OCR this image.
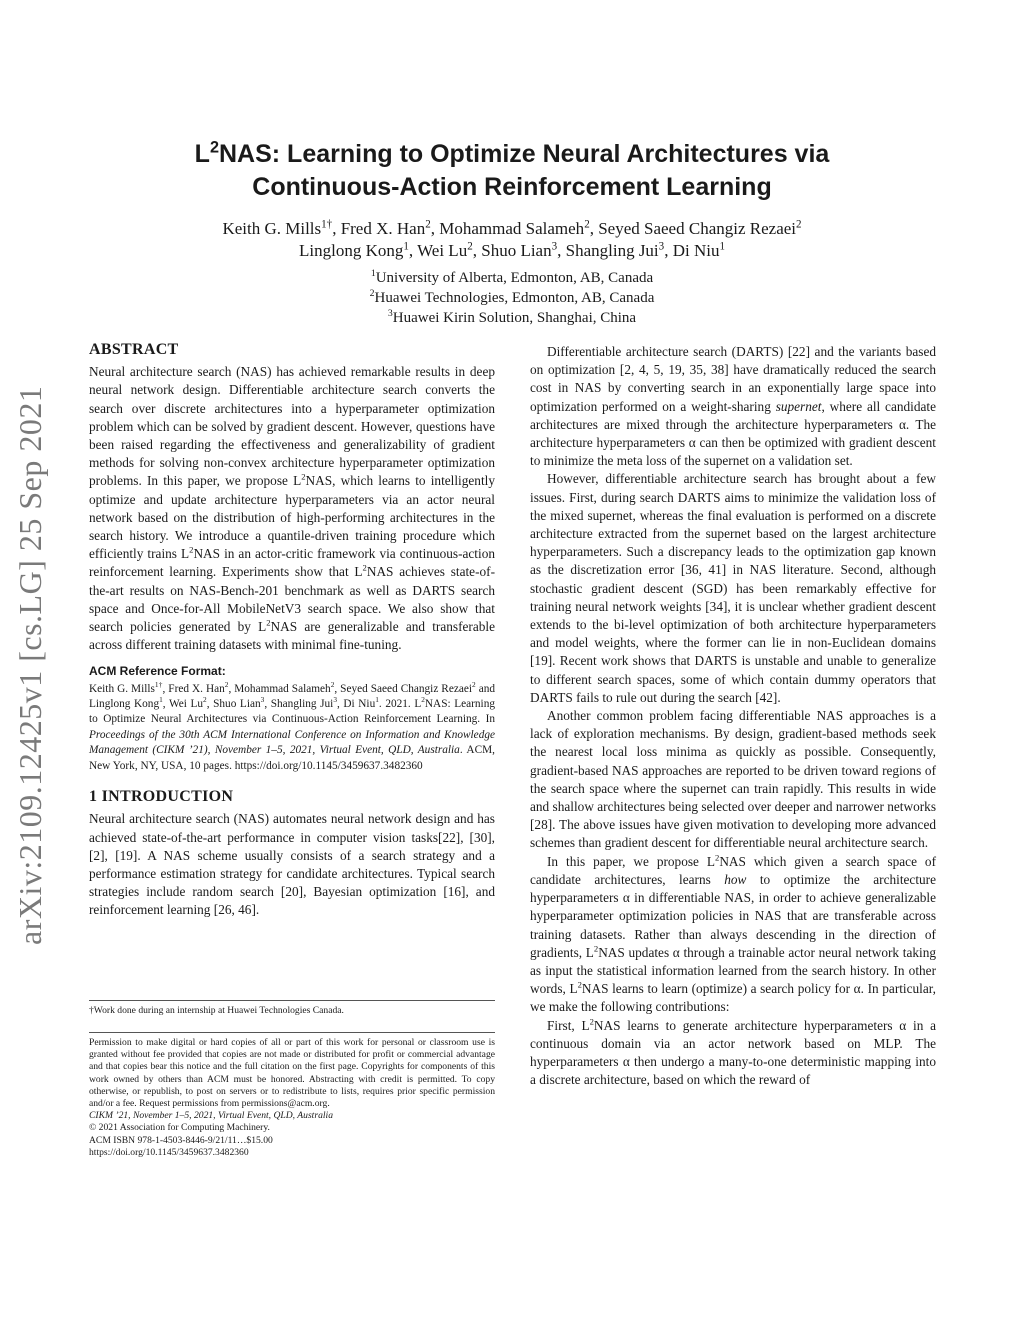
$L^2NAS$: Learning to Optimize Neural Architectures via
Continuous-Action Reinforcement Learning
Keith G. Mills$^{1\dagger}$, Fred X. Han$^2$, Mohammad Salameh$^2$, Seyed Saeed Changiz Rezaei$^2$
Linglong Kong$^1$, Wei Lu$^2$, Shuo Lian$^3$, Shangling Jui$^3$, Di Niu$^1$
$^1$University of Alberta, Edmonton, AB, Canada
$^2$Huawei Technologies, Edmonton, AB, Canada
$^3$Huawei Kirin Solution, Shanghai, China
arXiv:2109.12425v1 [cs.LG] 25 Sep 2021
ABSTRACT

Neural architecture search (NAS) has achieved remarkable results in deep neural network design. Differentiable architecture search converts the search over discrete architectures into a hyperparameter optimization problem which can be solved by gradient descent. However, questions have been raised regarding the effectiveness and generalizability of gradient methods for solving non-convex architecture hyperparameter optimization problems. In this paper, we propose $L^2NAS$, which learns to intelligently optimize and update architecture hyperparameters via an actor neural network based on the distribution of high-performing architectures in the search history. We introduce a quantile-driven training procedure which efficiently trains $L^2NAS$ in an actor-critic framework via continuous-action reinforcement learning. Experiments show that $L^2NAS$ achieves state-of-the-art results on NAS-Bench-201 benchmark as well as DARTS search space and Once-for-All MobileNetV3 search space. We also show that search policies generated by $L^2NAS$ are generalizable and transferable across different training datasets with minimal fine-tuning.

ACM Reference Format:

Keith G. Mills$^{1\dagger}$, Fred X. Han$^2$, Mohammad Salameh$^2$, Seyed Saeed Changiz Rezaei$^2$ and Linglong Kong$^1$, Wei Lu$^2$, Shuo Lian$^3$, Shangling Jui$^3$, Di Niu$^1$. 2021. $L^2NAS$: Learning to Optimize Neural Architectures via Continuous-Action Reinforcement Learning. In Proceedings of the 30th ACM International Conference on Information and Knowledge Management (CIKM ’21), November 1–5, 2021, Virtual Event, QLD, Australia. ACM, New York, NY, USA, 10 pages. https://doi.org/10.1145/3459637.3482360

1 INTRODUCTION

Neural architecture search (NAS) automates neural network design and has achieved state-of-the-art performance in computer vision tasks[22], [30], [2], [19]. A NAS scheme usually consists of a search strategy and a performance estimation strategy for candidate architectures. Typical search strategies include random search [20], Bayesian optimization [16], and reinforcement learning [26, 46].

†Work done during an internship at Huawei Technologies Canada.
Permission to make digital or hard copies of all or part of this work for personal or classroom use is granted without fee provided that copies are not made or distributed for profit or commercial advantage and that copies bear this notice and the full citation on the first page. Copyrights for components of this work owned by others than ACM must be honored. Abstracting with credit is permitted. To copy otherwise, or republish, to post on servers or to redistribute to lists, requires prior specific permission and/or a fee. Request permissions from permissions@acm.org.
CIKM ’21, November 1–5, 2021, Virtual Event, QLD, Australia
© 2021 Association for Computing Machinery.
ACM ISBN 978-1-4503-8446-9/21/11…$15.00
https://doi.org/10.1145/3459637.3482360

Differentiable architecture search (DARTS) [22] and the variants based on optimization [2, 4, 5, 19, 35, 38] have dramatically reduced the search cost in NAS by converting search in an exponentially large space into optimization performed on a weight-sharing supernet, where all candidate architectures are mixed through the architecture hyperparameters α. The architecture hyperparameters α can then be optimized with gradient descent to minimize the meta loss of the supernet on a validation set.

However, differentiable architecture search has brought about a few issues. First, during search DARTS aims to minimize the validation loss of the mixed supernet, whereas the final evaluation is performed on a discrete architecture extracted from the supernet based on the largest architecture hyperparameters. Such a discrepancy leads to the optimization gap known as the discretization error [36, 41] in NAS literature. Second, although stochastic gradient descent (SGD) has been remarkably effective for training neural network weights [34], it is unclear whether gradient descent extends to the bi-level optimization of both architecture hyperparameters and model weights, where the former can lie in non-Euclidean domains [19]. Recent work shows that DARTS is unstable and unable to generalize to different search spaces, some of which contain dummy operators that DARTS fails to rule out during the search [42].

Another common problem facing differentiable NAS approaches is a lack of exploration mechanisms. By design, gradient-based methods seek the nearest local loss minima as quickly as possible. Consequently, gradient-based NAS approaches are reported to be driven toward regions of the search space where the supernet can train rapidly. This results in wide and shallow architectures being selected over deeper and narrower networks [28]. The above issues have given motivation to developing more advanced schemes than gradient descent for differentiable neural architecture search.

In this paper, we propose $L^2NAS$ which given a search space of candidate architectures, learns how to optimize the architecture hyperparameters α in differentiable NAS, in order to achieve generalizable hyperparameter optimization policies in NAS that are transferable across training datasets. Rather than always descending in the direction of gradients, $L^2NAS$ updates α through a trainable actor neural network taking as input the statistical information learned from the search history. In other words, $L^2NAS$ learns to learn (optimize) a search policy for α. In particular, we make the following contributions:

First, $L^2NAS$ learns to generate architecture hyperparameters α in a continuous domain via an actor network based on MLP. The hyperparameters α then undergo a many-to-one deterministic mapping into a discrete architecture, based on which the reward of
